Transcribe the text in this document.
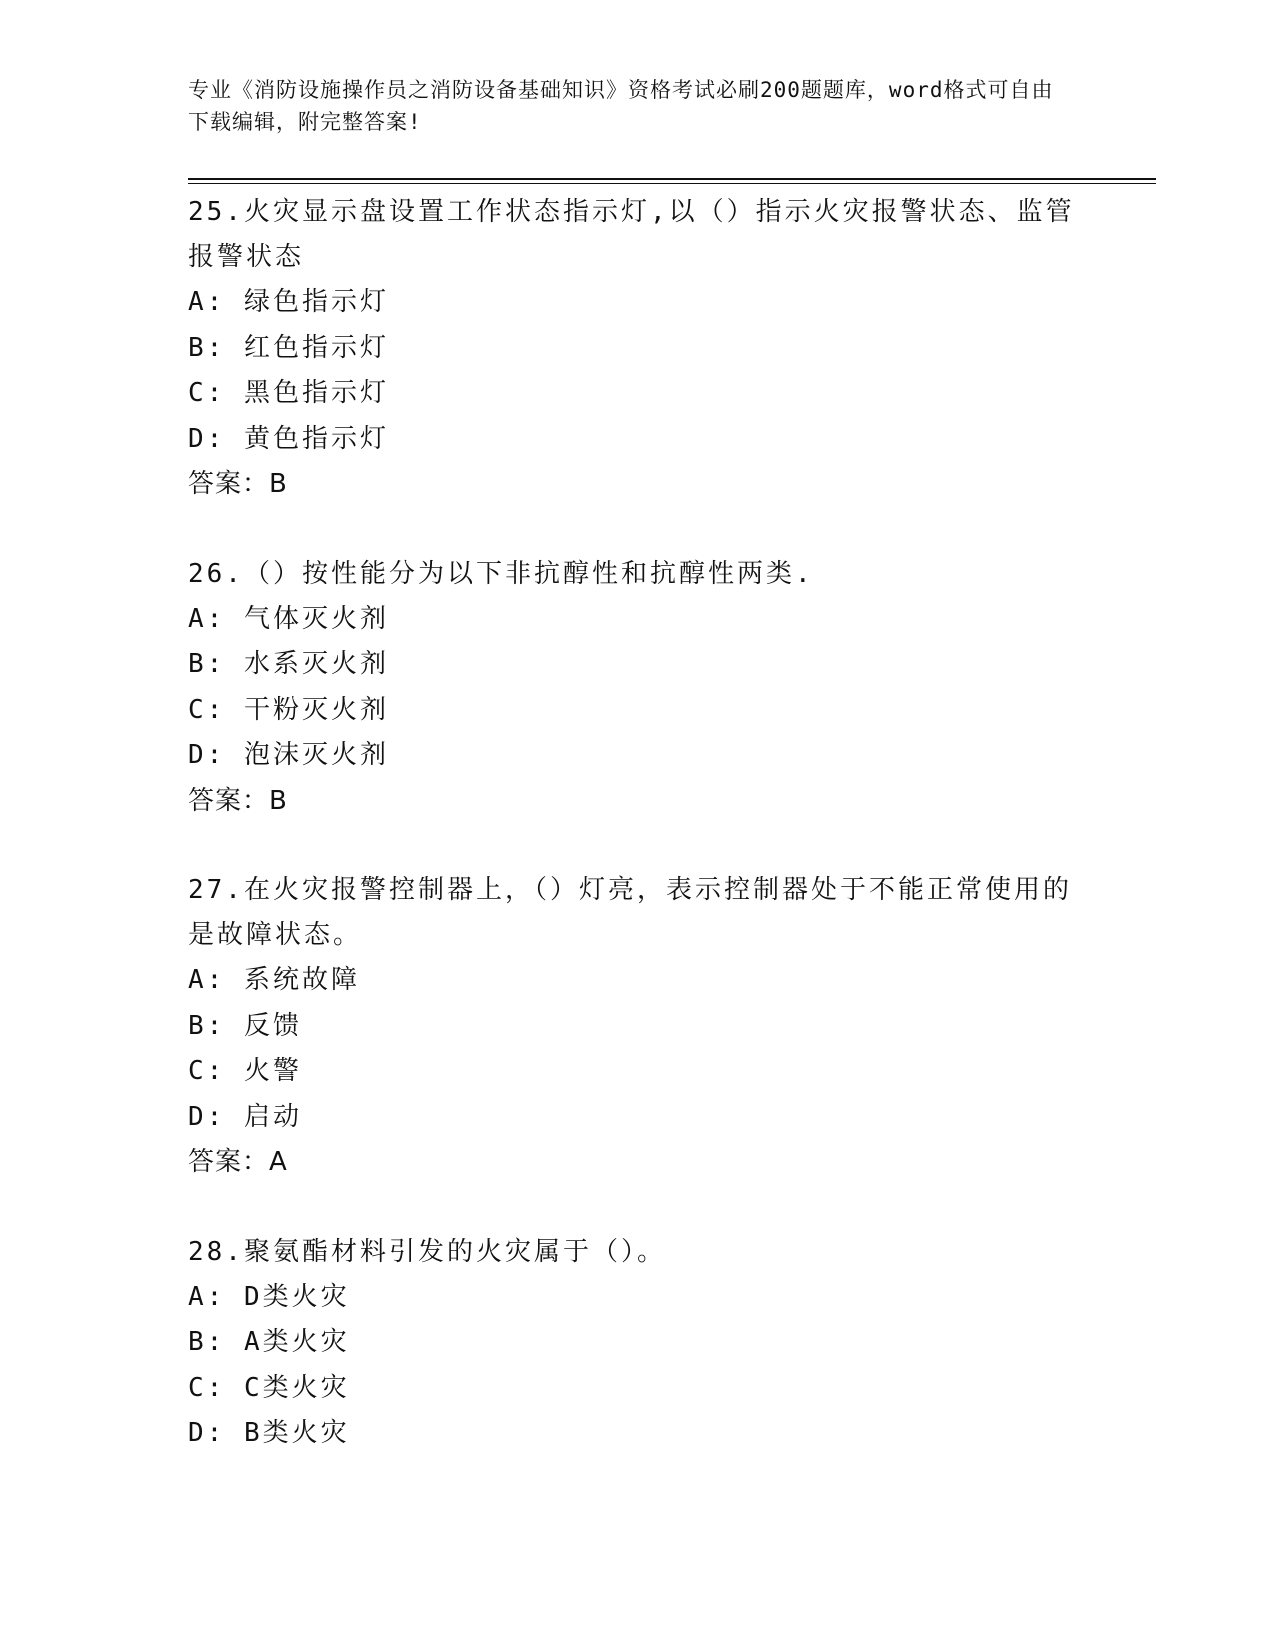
专业《消防设施操作员之消防设备基础知识》资格考试必刷200题题库，word格式可自由下载编辑，附完整答案!
25.火灾显示盘设置工作状态指示灯,以（）指示火灾报警状态、监管报警状态
A: 绿色指示灯
B: 红色指示灯
C: 黑色指示灯
D: 黄色指示灯
答案：B
26.（）按性能分为以下非抗醇性和抗醇性两类.
A: 气体灭火剂
B: 水系灭火剂
C: 干粉灭火剂
D: 泡沫灭火剂
答案：B
27.在火灾报警控制器上，（）灯亮，表示控制器处于不能正常使用的是故障状态。
A: 系统故障
B: 反馈
C: 火警
D: 启动
答案：A
28.聚氨酯材料引发的火灾属于（）。
A: D类火灾
B: A类火灾
C: C类火灾
D: B类火灾
